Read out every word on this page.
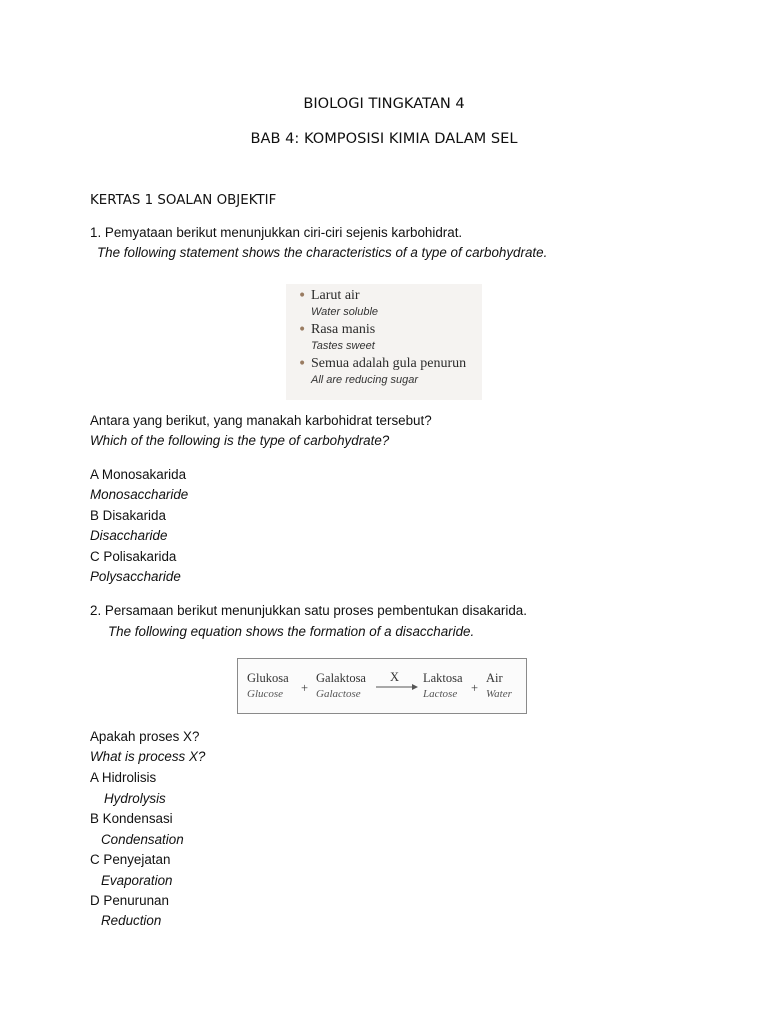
BIOLOGI TINGKATAN 4
BAB 4: KOMPOSISI KIMIA DALAM SEL
KERTAS 1 SOALAN OBJEKTIF
1. Pemyataan berikut menunjukkan ciri-ciri sejenis karbohidrat.
The following statement shows the characteristics of a type of carbohydrate.
• Larut air
Water soluble
• Rasa manis
Tastes sweet
• Semua adalah gula penurun
All are reducing sugar
Antara yang berikut, yang manakah karbohidrat tersebut?
Which of the following is the type of carbohydrate?
A Monosakarida
Monosaccharide
B Disakarida
Disaccharide
C Polisakarida
Polysaccharide
2. Persamaan berikut menunjukkan satu proses pembentukan disakarida.
The following equation shows the formation of a disaccharide.
Glukosa
Glucose +
Galaktosa
Galactose
X Laktosa
Lactose +
Air
Water
Apakah proses X?
What is process X?
A Hidrolisis
Hydrolysis
B Kondensasi
Condensation
C Penyejatan
Evaporation
D Penurunan
Reduction
